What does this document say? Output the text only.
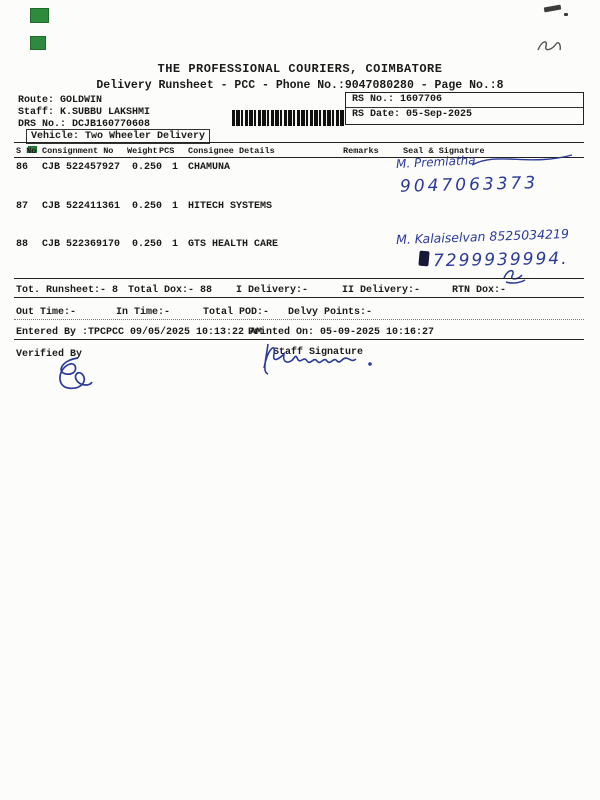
THE PROFESSIONAL COURIERS, COIMBATORE
Delivery Runsheet - PCC - Phone No.:9047080280 - Page No.:8
Route: GOLDWIN
Staff: K.SUBBU LAKSHMI
DRS No.: DCJB160770608
Vehicle: Two Wheeler Delivery
RS No.: 1607706
RS Date: 05-Sep-2025
S No Consignment No Weight PCS Consignee Details	Remarks	Seal & Signature
86 CJB 522457927 0.250 1 CHAMUNA	M. Premlatha
9047063373
87 CJB 522411361 0.250 1 HITECH SYSTEMS
88 CJB 522369170 0.250 1 GTS HEALTH CARE	M. Kalaiselvan 8525034219
7299939994.
Tot. Runsheet:- 8 Total Dox:- 88 I Delivery:-	II Delivery:-	RTN Dox:-
Out Time:-	In Time:-	Total POD:- Delvy Points:-
Entered By :TPCPCC 09/05/2025 10:13:22 AM
Printed On: 05-09-2025 10:16:27
Verified By	Staff Signature
